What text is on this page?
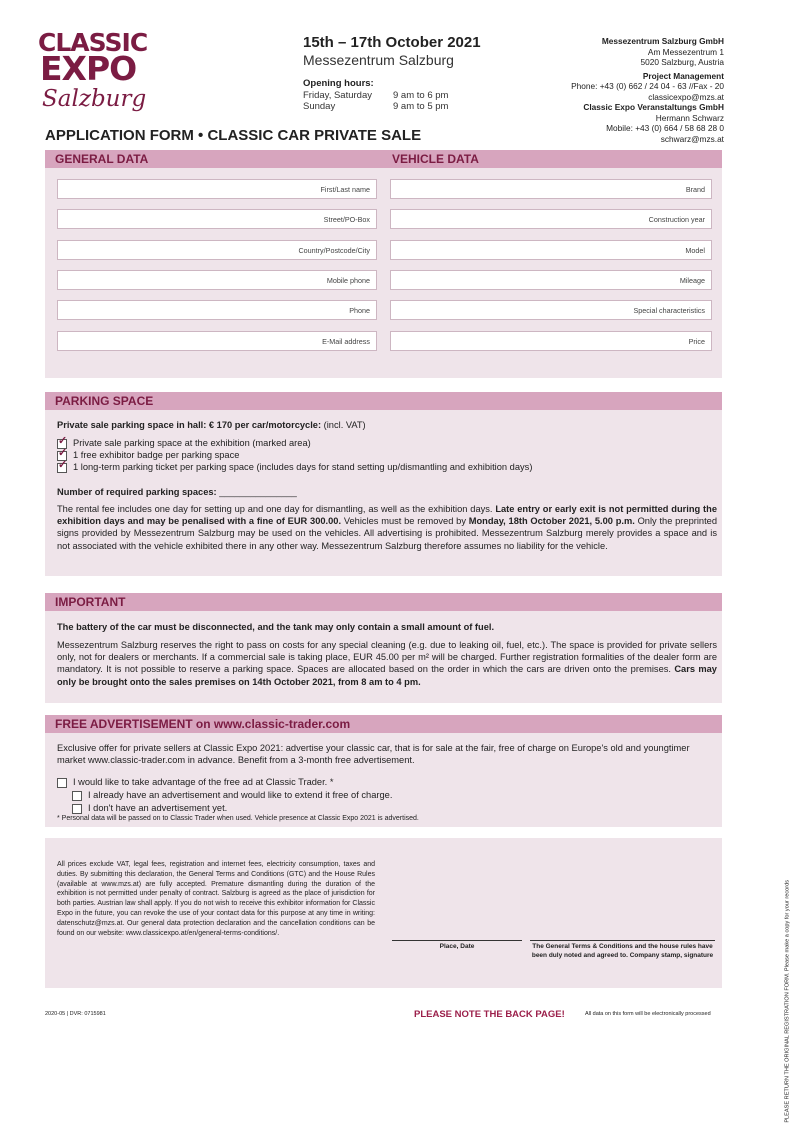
CLASSIC
EXPO
Salzburg
15th – 17th October 2021
Messezentrum Salzburg
Opening hours:
Friday, Saturday 9 am to 6 pm
Sunday	9 am to 5 pm
Messezentrum Salzburg GmbH
Am Messezentrum 1
5020 Salzburg, Austria
Project Management
Phone: +43 (0) 662 / 24 04 - 63 //Fax - 20
classicexpo@mzs.at
Classic Expo Veranstaltungs GmbH
Hermann Schwarz
Mobile: +43 (0) 664 / 58 68 28 0
schwarz@mzs.at
APPLICATION FORM • CLASSIC CAR PRIVATE SALE
GENERAL DATA	VEHICLE DATA
First/Last name
Street/PO-Box
Country/Postcode/City
Mobile phone
Phone
E-Mail address
Brand
Construction year
Model
Mileage
Special characteristics
Price
PARKING SPACE
Private sale parking space in hall: € 170 per car/motorcycle: (incl. VAT)
✓Private sale parking space at the exhibition (marked area)
✓1 free exhibitor badge per parking space
✓1 long-term parking ticket per parking space (includes days for stand setting up/dismantling and exhibition days)
Number of required parking spaces: _______________
The rental fee includes one day for setting up and one day for dismantling, as well as the exhibition days. Late entry or early exit is not permitted during the exhibition days and may be penalised with a fine of EUR 300.00. Vehicles must be removed by Monday, 18th October 2021, 5.00 p.m. Only the preprinted signs provided by Messezentrum Salzburg may be used on the vehicles. All advertising is prohibited. Messezentrum Salzburg merely provides a space and is not associated with the vehicle exhibited there in any other way. Messezentrum Salzburg therefore assumes no liability for the vehicle.
IMPORTANT
The battery of the car must be disconnected, and the tank may only contain a small amount of fuel.
Messezentrum Salzburg reserves the right to pass on costs for any special cleaning (e.g. due to leaking oil, fuel, etc.). The space is provided for private sellers only, not for dealers or merchants. If a commercial sale is taking place, EUR 45.00 per m² will be charged. Further registration formalities of the dealer form are mandatory. It is not possible to reserve a parking space. Spaces are allocated based on the order in which the cars are driven onto the premises. Cars may only be brought onto the sales premises on 14th October 2021, from 8 am to 4 pm.
FREE ADVERTISEMENT on www.classic-trader.com
Exclusive offer for private sellers at Classic Expo 2021: advertise your classic car, that is for sale at the fair, free of charge on Europe's old and youngtimer market www.classic-trader.com in advance. Benefit from a 3-month free advertisement.
I would like to take advantage of the free ad at Classic Trader. *
I already have an advertisement and would like to extend it free of charge.
I don't have an advertisement yet.
* Personal data will be passed on to Classic Trader when used. Vehicle presence at Classic Expo 2021 is advertised.
All prices exclude VAT, legal fees, registration and internet fees, electricity consumption, taxes and duties. By submitting this declaration, the General Terms and Conditions (GTC) and the House Rules (available at www.mzs.at) are fully accepted. Premature dismantling during the duration of the exhibition is not permitted under penalty of contract. Salzburg is agreed as the place of jurisdiction for both parties. Austrian law shall apply. If you do not wish to receive this exhibitor information for Classic Expo in the future, you can revoke the use of your contact data for this purpose at any time in writing: datenschutz@mzs.at. Our general data protection declaration and the cancellation conditions can be found on our website: www.classicexpo.at/en/general-terms-conditions/.
Place, Date	The General Terms & Conditions and the house rules have been duly noted and agreed to. Company stamp, signature
2020-05 | DVR: 0715981	PLEASE NOTE THE BACK PAGE!	All data on this form will be electronically processed	PLEASE RETURN THE ORIGINAL REGISTRATION FORM. Please make a copy for your records
